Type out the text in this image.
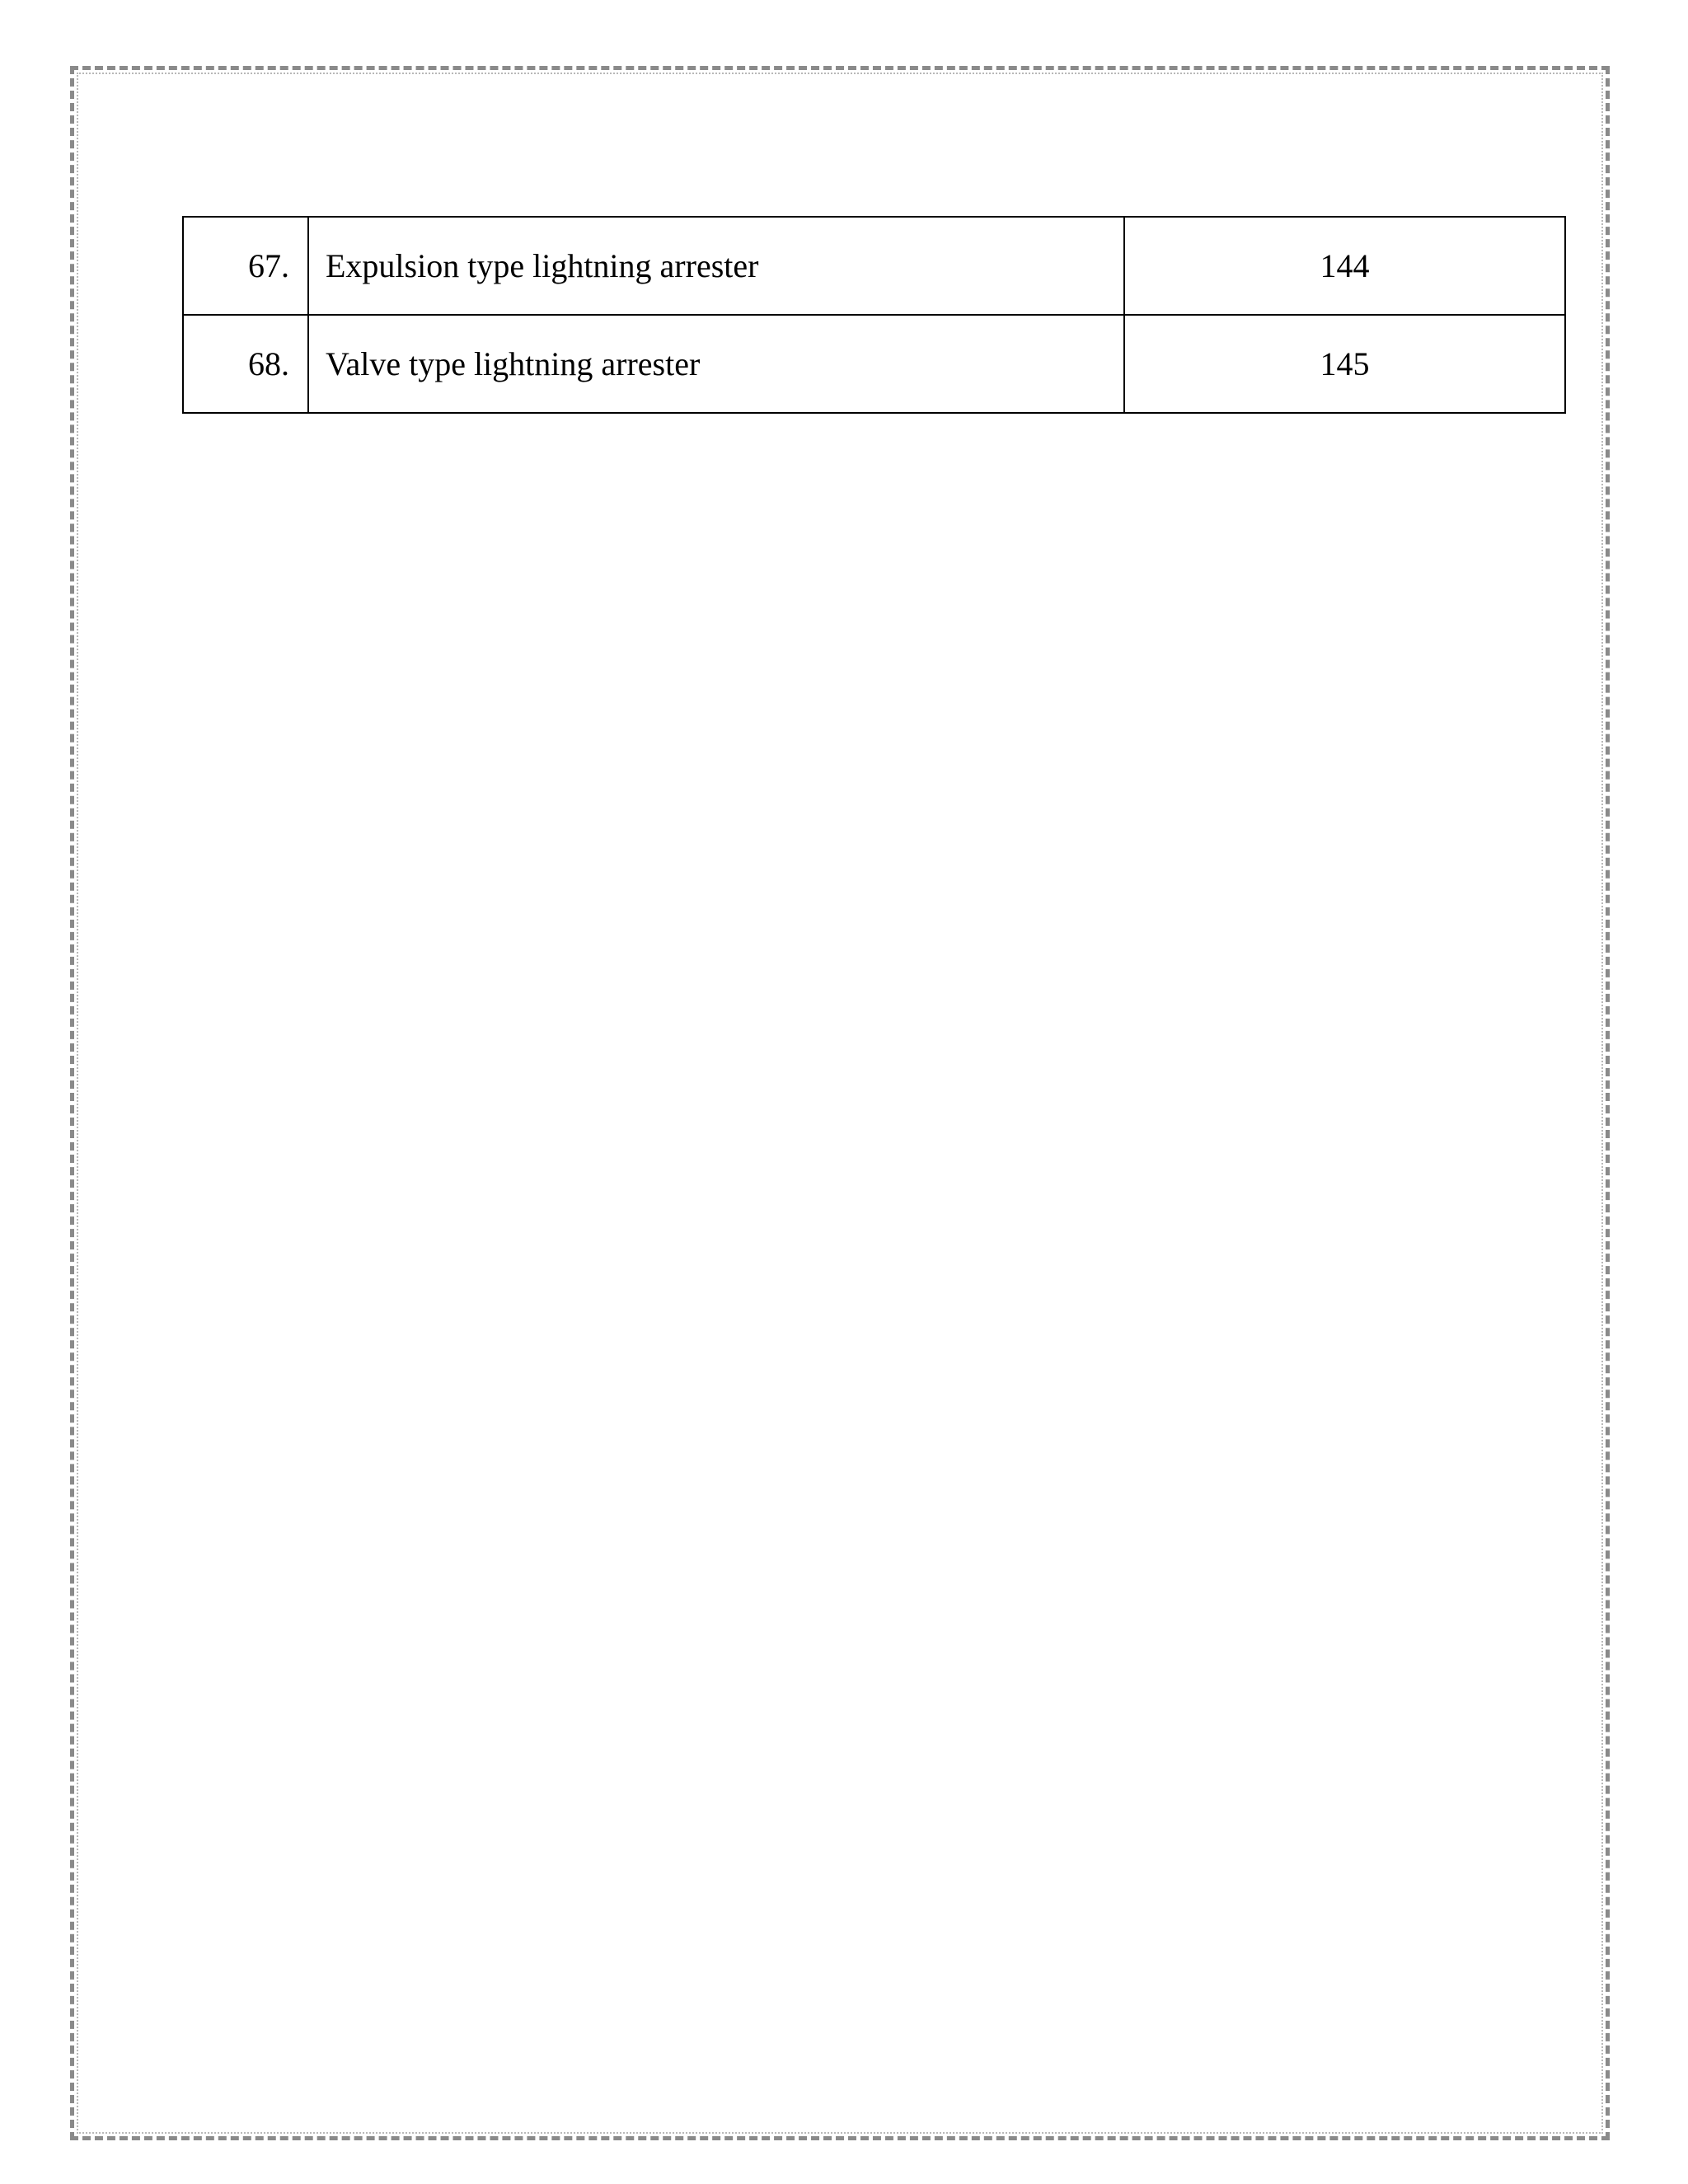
67.	Expulsion type lightning arrester	144
68.	Valve type lightning arrester	145
